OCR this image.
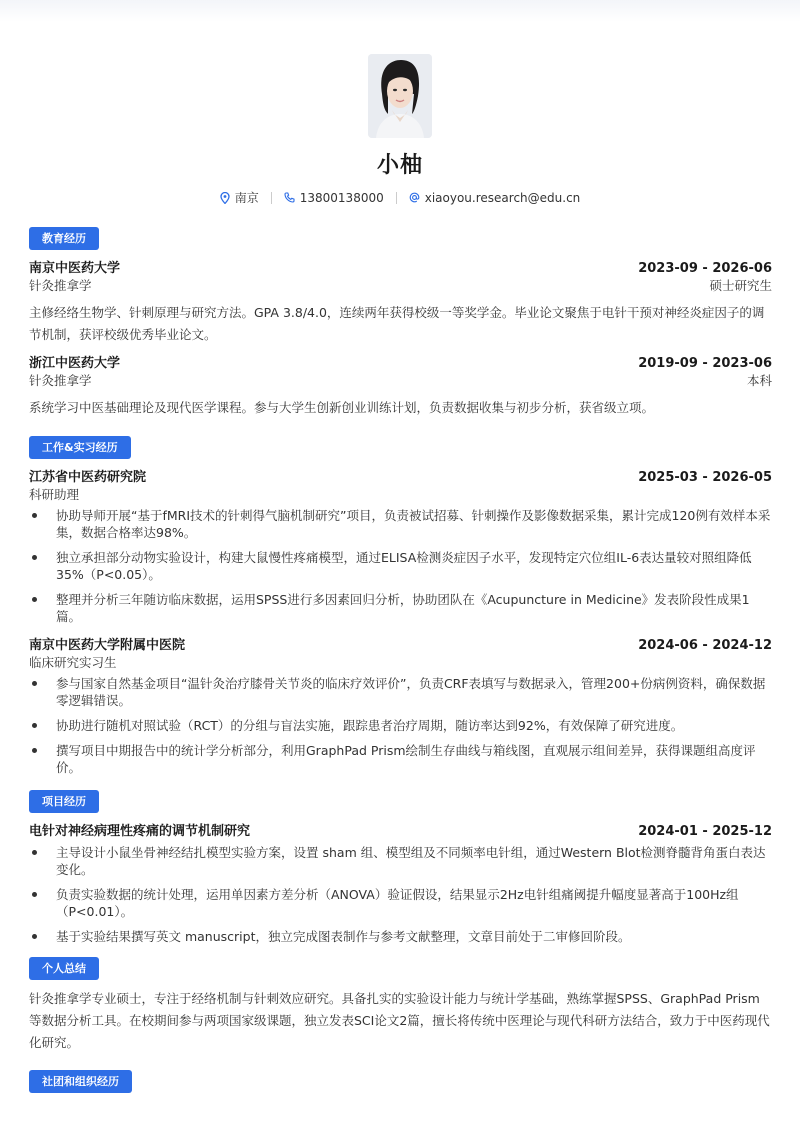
小柚
南京	13800138000	xiaoyou.research@edu.cn
教育经历
南京中医药大学	2023-09 - 2026-06
针灸推拿学	硕士研究生
主修经络生物学、针刺原理与研究方法。GPA 3.8/4.0，连续两年获得校级一等奖学金。毕业论文聚焦于电针干预对神经炎症因子的调节机制，获评校级优秀毕业论文。
浙江中医药大学	2019-09 - 2023-06
针灸推拿学	本科
系统学习中医基础理论及现代医学课程。参与大学生创新创业训练计划，负责数据收集与初步分析，获省级立项。
工作&实习经历
江苏省中医药研究院	2025-03 - 2026-05
科研助理
协助导师开展“基于fMRI技术的针刺得气脑机制研究”项目，负责被试招募、针刺操作及影像数据采集，累计完成120例有效样本采集，数据合格率达98%。
独立承担部分动物实验设计，构建大鼠慢性疼痛模型，通过ELISA检测炎症因子水平，发现特定穴位组IL-6表达量较对照组降低35%（P<0.05）。
整理并分析三年随访临床数据，运用SPSS进行多因素回归分析，协助团队在《Acupuncture in Medicine》发表阶段性成果1篇。
南京中医药大学附属中医院	2024-06 - 2024-12
临床研究实习生
参与国家自然基金项目“温针灸治疗膝骨关节炎的临床疗效评价”，负责CRF表填写与数据录入，管理200+份病例资料，确保数据零逻辑错误。
协助进行随机对照试验（RCT）的分组与盲法实施，跟踪患者治疗周期，随访率达到92%，有效保障了研究进度。
撰写项目中期报告中的统计学分析部分，利用GraphPad Prism绘制生存曲线与箱线图，直观展示组间差异，获得课题组高度评价。
项目经历
电针对神经病理性疼痛的调节机制研究	2024-01 - 2025-12
主导设计小鼠坐骨神经结扎模型实验方案，设置 sham 组、模型组及不同频率电针组，通过Western Blot检测脊髓背角蛋白表达变化。
负责实验数据的统计处理，运用单因素方差分析（ANOVA）验证假设，结果显示2Hz电针组痛阈提升幅度显著高于100Hz组（P<0.01）。
基于实验结果撰写英文 manuscript，独立完成图表制作与参考文献整理，文章目前处于二审修回阶段。
个人总结
针灸推拿学专业硕士，专注于经络机制与针刺效应研究。具备扎实的实验设计能力与统计学基础，熟练掌握SPSS、GraphPad Prism等数据分析工具。在校期间参与两项国家级课题，独立发表SCI论文2篇，擅长将传统中医理论与现代科研方法结合，致力于中医药现代化研究。
社团和组织经历
